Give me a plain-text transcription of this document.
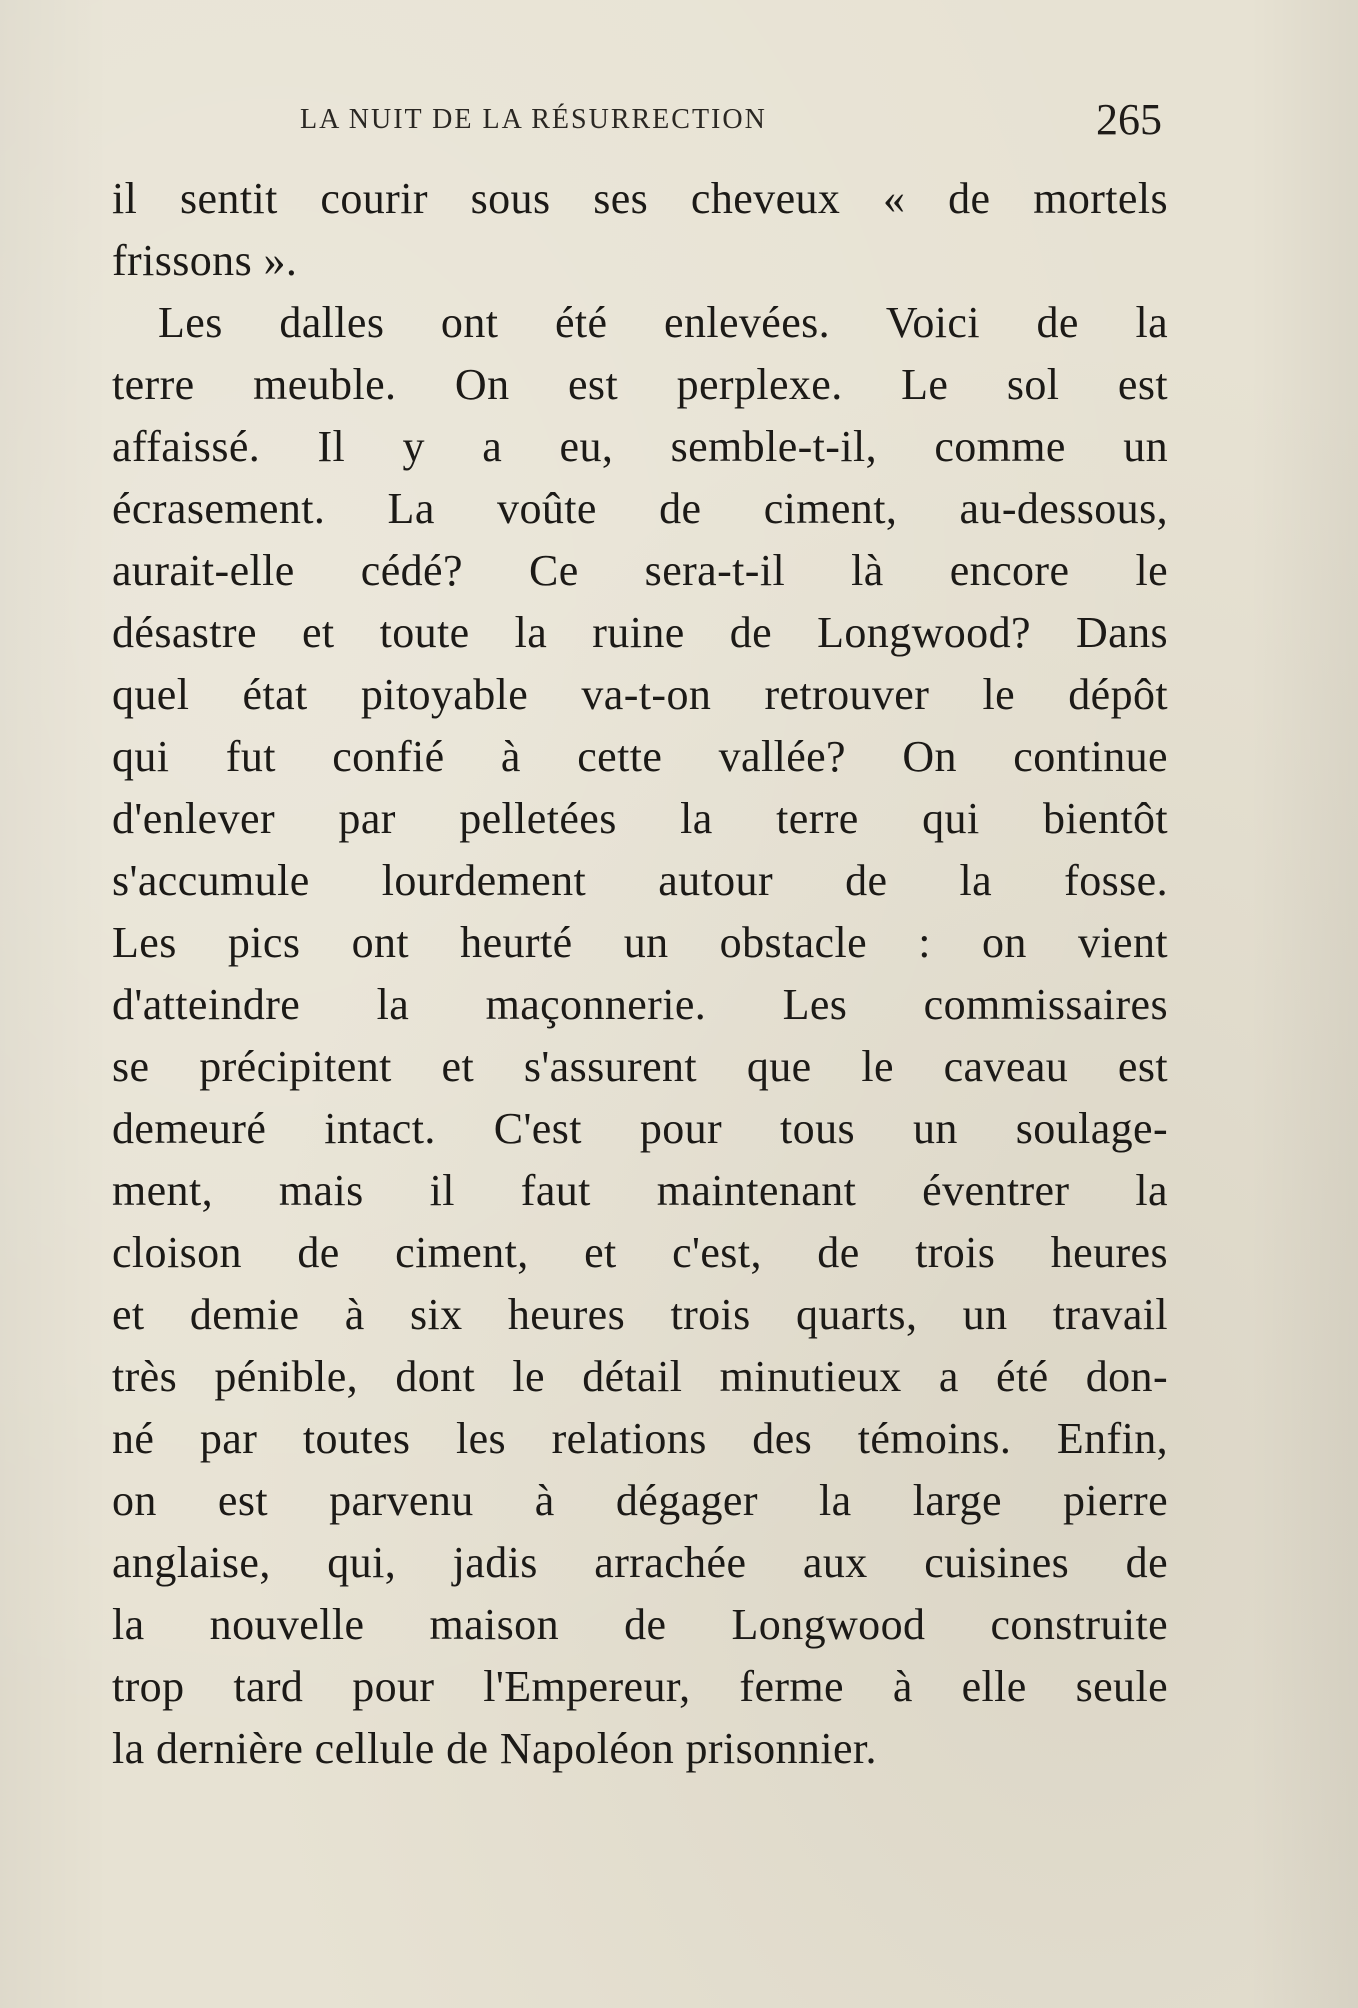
LA NUIT DE LA RÉSURRECTION	265
il sentit courir sous ses cheveux « de mortels
frissons ».
Les dalles ont été enlevées. Voici de la
terre meuble. On est perplexe. Le sol est
affaissé. Il y a eu, semble-t-il, comme un
écrasement. La voûte de ciment, au-dessous,
aurait-elle cédé? Ce sera-t-il là encore le
désastre et toute la ruine de Longwood? Dans
quel état pitoyable va-t-on retrouver le dépôt
qui fut confié à cette vallée? On continue
d'enlever par pelletées la terre qui bientôt
s'accumule lourdement autour de la fosse.
Les pics ont heurté un obstacle : on vient
d'atteindre la maçonnerie. Les commissaires
se précipitent et s'assurent que le caveau est
demeuré intact. C'est pour tous un soulage-
ment, mais il faut maintenant éventrer la
cloison de ciment, et c'est, de trois heures
et demie à six heures trois quarts, un travail
très pénible, dont le détail minutieux a été don-
né par toutes les relations des témoins. Enfin,
on est parvenu à dégager la large pierre
anglaise, qui, jadis arrachée aux cuisines de
la nouvelle maison de Longwood construite
trop tard pour l'Empereur, ferme à elle seule
la dernière cellule de Napoléon prisonnier.
